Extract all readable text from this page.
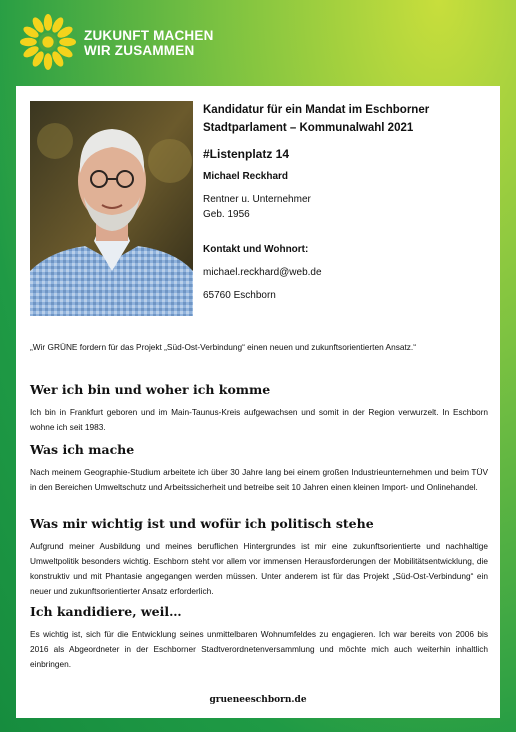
ZUKUNFT MACHEN
WIR ZUSAMMEN
Kandidatur für ein Mandat im Eschborner
Stadtparlament – Kommunalwahl 2021
#Listenplatz 14
Michael Reckhard
Rentner u. Unternehmer
Geb. 1956
Kontakt und Wohnort:
michael.reckhard@web.de
65760 Eschborn
„Wir GRÜNE fordern für das Projekt „Süd-Ost-Verbindung“ einen neuen und zukunftsorientierten Ansatz.“
Wer ich bin und woher ich komme

Ich bin in Frankfurt geboren und im Main-Taunus-Kreis aufgewachsen und somit in der Region verwurzelt. In Eschborn wohne ich seit 1983.

Was ich mache

Nach meinem Geographie-Studium arbeitete ich über 30 Jahre lang bei einem großen Industrieunternehmen und beim TÜV in den Bereichen Umweltschutz und Arbeitssicherheit und betreibe seit 10 Jahren einen kleinen Import- und Onlinehandel.

Was mir wichtig ist und wofür ich politisch stehe

Aufgrund meiner Ausbildung und meines beruflichen Hintergrundes ist mir eine zukunftsorientierte und nachhaltige Umweltpolitik besonders wichtig. Eschborn steht vor allem vor immensen Herausforderungen der Mobilitätsentwicklung, die konstruktiv und mit Phantasie angegangen werden müssen. Unter anderem ist für das Projekt „Süd-Ost-Verbindung“ ein neuer und zukunftsorientierter Ansatz erforderlich.

Ich kandidiere, weil…

Es wichtig ist, sich für die Entwicklung seines unmittelbaren Wohnumfeldes zu engagieren. Ich war bereits von 2006 bis 2016 als Abgeordneter in der Eschborner Stadtverordnetenversammlung und möchte mich auch weiterhin inhaltlich einbringen.

grueneeschborn.de
